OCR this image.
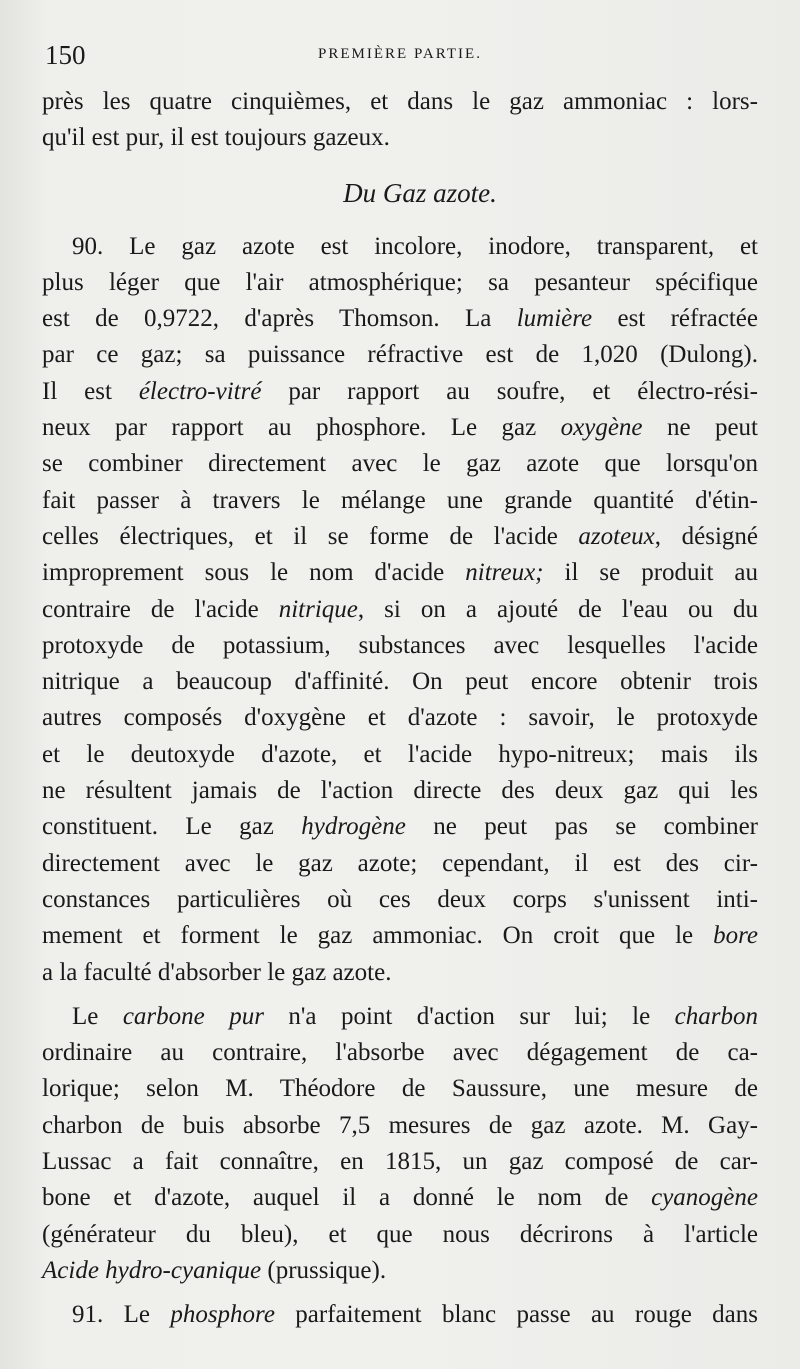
150	PREMIÈRE PARTIE.
près les quatre cinquièmes, et dans le gaz ammoniac : lors-
qu'il est pur, il est toujours gazeux.
Du Gaz azote.
90. Le gaz azote est incolore, inodore, transparent, et
plus léger que l'air atmosphérique; sa pesanteur spécifique
est de 0,9722, d'après Thomson. La lumière est réfractée
par ce gaz; sa puissance réfractive est de 1,020 (Dulong).
Il est électro-vitré par rapport au soufre, et électro-rési-
neux par rapport au phosphore. Le gaz oxygène ne peut
se combiner directement avec le gaz azote que lorsqu'on
fait passer à travers le mélange une grande quantité d'étin-
celles électriques, et il se forme de l'acide azoteux, désigné
improprement sous le nom d'acide nitreux; il se produit au
contraire de l'acide nitrique, si on a ajouté de l'eau ou du
protoxyde de potassium, substances avec lesquelles l'acide
nitrique a beaucoup d'affinité. On peut encore obtenir trois
autres composés d'oxygène et d'azote : savoir, le protoxyde
et le deutoxyde d'azote, et l'acide hypo-nitreux; mais ils
ne résultent jamais de l'action directe des deux gaz qui les
constituent. Le gaz hydrogène ne peut pas se combiner
directement avec le gaz azote; cependant, il est des cir-
constances particulières où ces deux corps s'unissent inti-
mement et forment le gaz ammoniac. On croit que le bore
a la faculté d'absorber le gaz azote.
Le carbone pur n'a point d'action sur lui; le charbon
ordinaire au contraire, l'absorbe avec dégagement de ca-
lorique; selon M. Théodore de Saussure, une mesure de
charbon de buis absorbe 7,5 mesures de gaz azote. M. Gay-
Lussac a fait connaître, en 1815, un gaz composé de car-
bone et d'azote, auquel il a donné le nom de cyanogène
(générateur du bleu), et que nous décrirons à l'article
Acide hydro-cyanique (prussique).
91. Le phosphore parfaitement blanc passe au rouge dans
